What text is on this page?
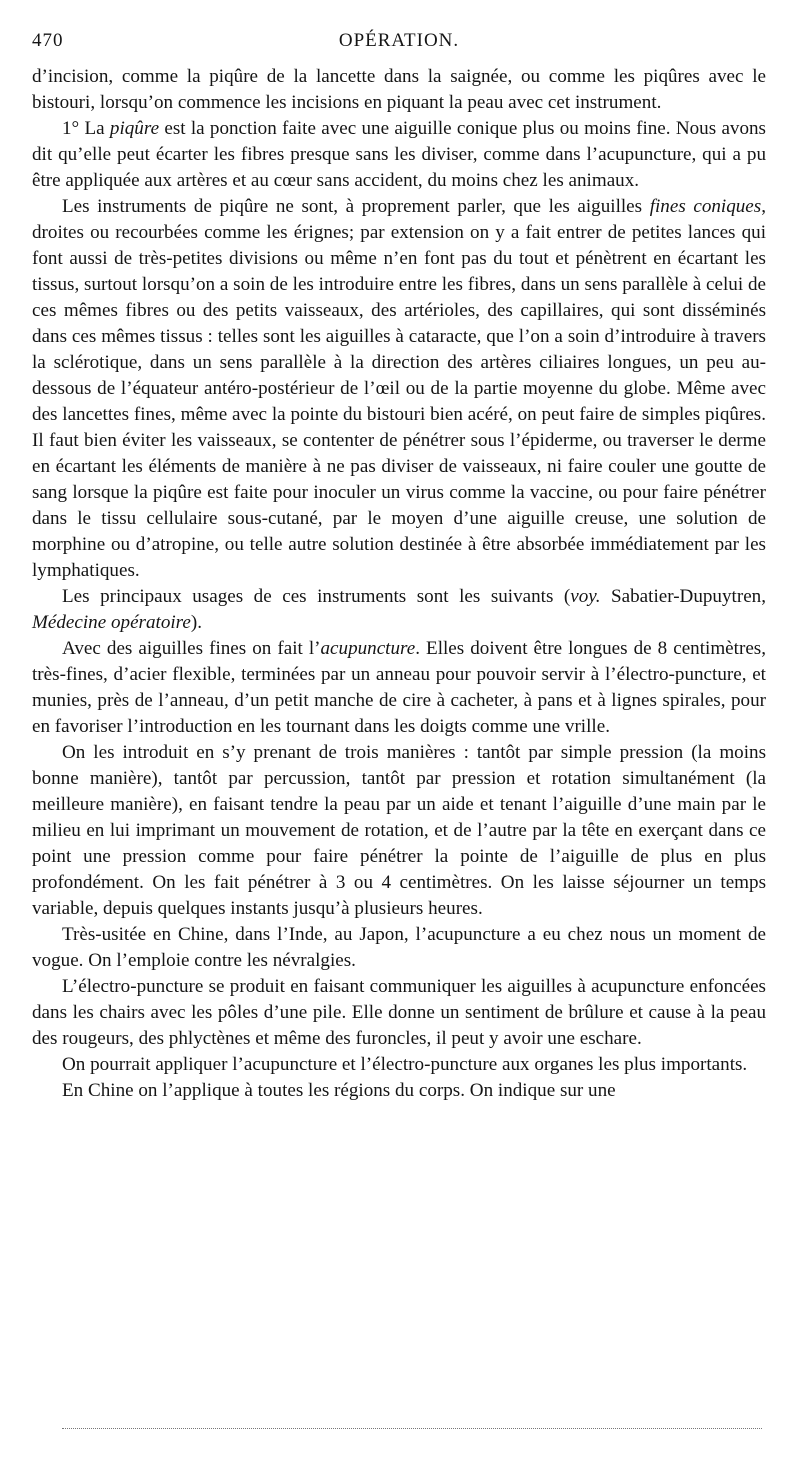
470	OPÉRATION.

d’incision, comme la piqûre de la lancette dans la saignée, ou comme les piqûres avec le bistouri, lorsqu’on commence les incisions en piquant la peau avec cet instrument.

1° La piqûre est la ponction faite avec une aiguille conique plus ou moins fine. Nous avons dit qu’elle peut écarter les fibres presque sans les diviser, comme dans l’acupuncture, qui a pu être appliquée aux artères et au cœur sans accident, du moins chez les animaux.

Les instruments de piqûre ne sont, à proprement parler, que les aiguilles fines coniques, droites ou recourbées comme les érignes; par extension on y a fait entrer de petites lances qui font aussi de très-petites divisions ou même n’en font pas du tout et pénètrent en écartant les tissus, surtout lorsqu’on a soin de les introduire entre les fibres, dans un sens parallèle à celui de ces mêmes fibres ou des petits vaisseaux, des artérioles, des capillaires, qui sont disséminés dans ces mêmes tissus : telles sont les aiguilles à cataracte, que l’on a soin d’introduire à travers la sclérotique, dans un sens parallèle à la direction des artères ciliaires longues, un peu au-dessous de l’équateur antéro-postérieur de l’œil ou de la partie moyenne du globe. Même avec des lancettes fines, même avec la pointe du bistouri bien acéré, on peut faire de simples piqûres. Il faut bien éviter les vaisseaux, se contenter de pénétrer sous l’épiderme, ou traverser le derme en écartant les éléments de manière à ne pas diviser de vaisseaux, ni faire couler une goutte de sang lorsque la piqûre est faite pour inoculer un virus comme la vaccine, ou pour faire pénétrer dans le tissu cellulaire sous-cutané, par le moyen d’une aiguille creuse, une solution de morphine ou d’atropine, ou telle autre solution destinée à être absorbée immédiatement par les lymphatiques.

Les principaux usages de ces instruments sont les suivants (voy. Sabatier-Dupuytren, Médecine opératoire).

Avec des aiguilles fines on fait l’acupuncture. Elles doivent être longues de 8 centimètres, très-fines, d’acier flexible, terminées par un anneau pour pouvoir servir à l’électro-puncture, et munies, près de l’anneau, d’un petit manche de cire à cacheter, à pans et à lignes spirales, pour en favoriser l’introduction en les tournant dans les doigts comme une vrille.

On les introduit en s’y prenant de trois manières : tantôt par simple pression (la moins bonne manière), tantôt par percussion, tantôt par pression et rotation simultanément (la meilleure manière), en faisant tendre la peau par un aide et tenant l’aiguille d’une main par le milieu en lui imprimant un mouvement de rotation, et de l’autre par la tête en exerçant dans ce point une pression comme pour faire pénétrer la pointe de l’aiguille de plus en plus profondément. On les fait pénétrer à 3 ou 4 centimètres. On les laisse séjourner un temps variable, depuis quelques instants jusqu’à plusieurs heures.

Très-usitée en Chine, dans l’Inde, au Japon, l’acupuncture a eu chez nous un moment de vogue. On l’emploie contre les névralgies.

L’électro-puncture se produit en faisant communiquer les aiguilles à acupuncture enfoncées dans les chairs avec les pôles d’une pile. Elle donne un sentiment de brûlure et cause à la peau des rougeurs, des phlyctènes et même des furoncles, il peut y avoir une eschare.

On pourrait appliquer l’acupuncture et l’électro-puncture aux organes les plus importants.

En Chine on l’applique à toutes les régions du corps. On indique sur une
